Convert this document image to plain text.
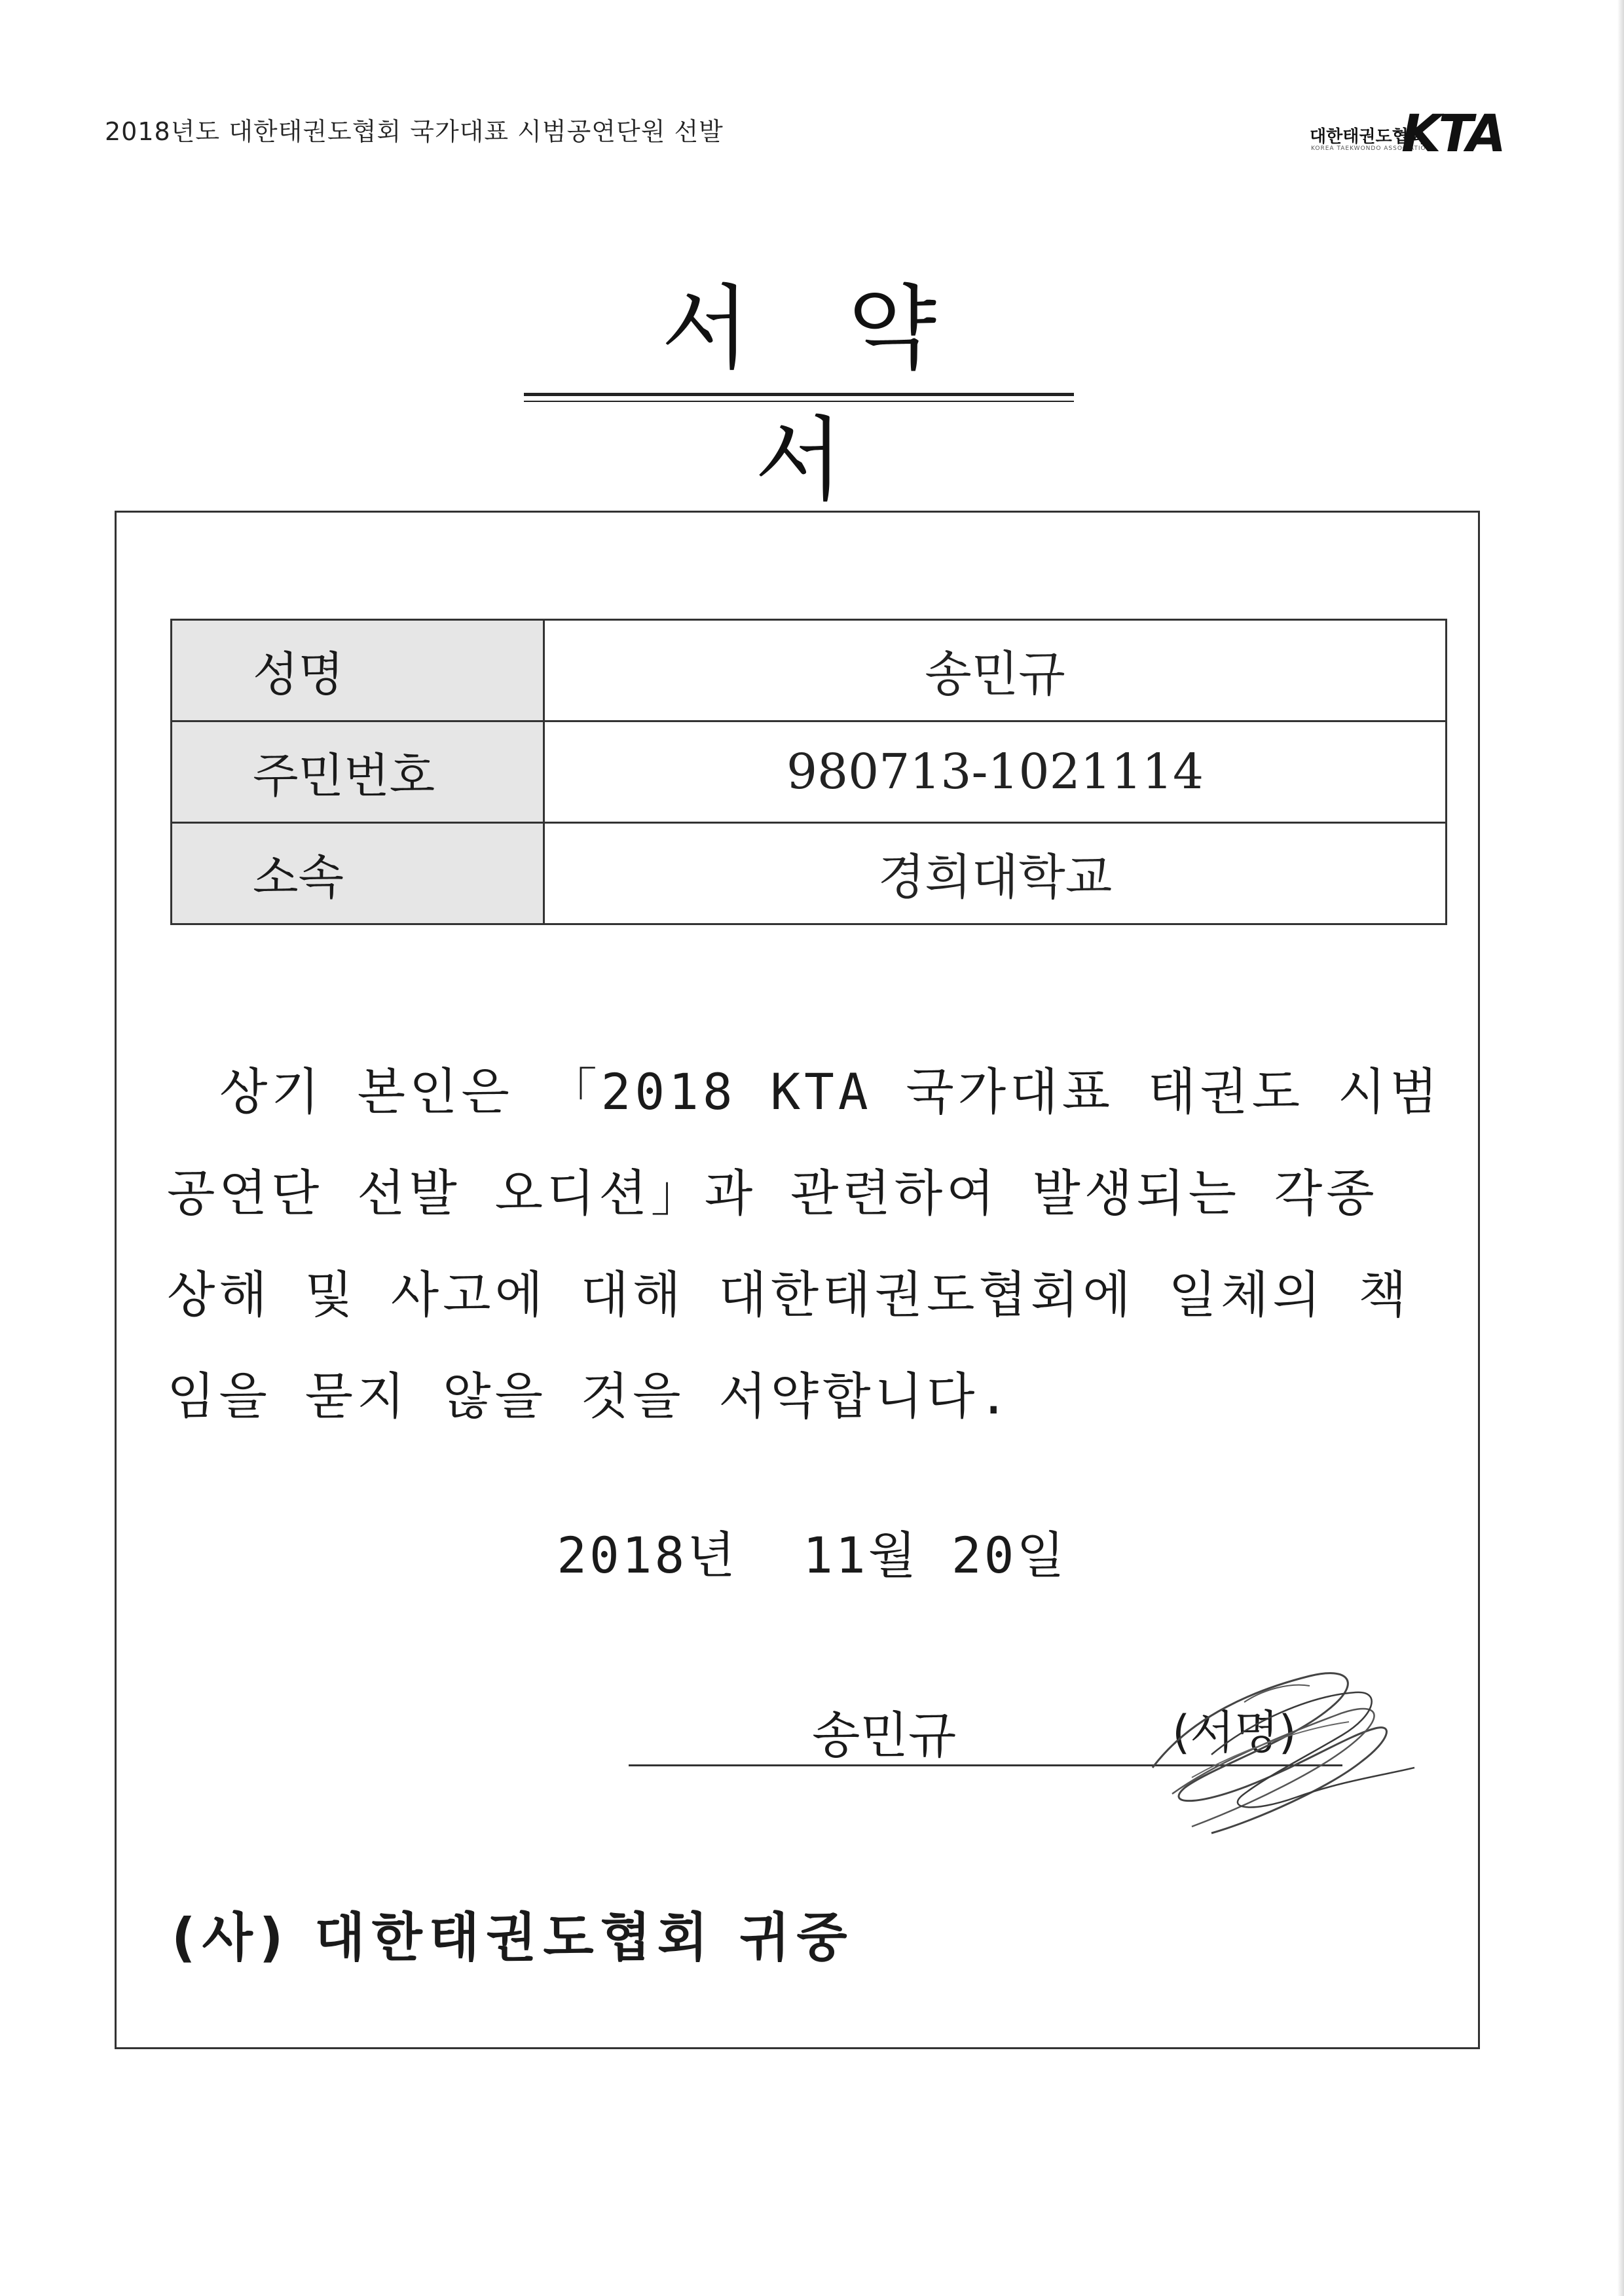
2018년도 대한태권도협회 국가대표 시범공연단원 선발	대한태권도협회
KOREA TAEKWONDO ASSOCIATION
KTA
서약서
성명	송민규
주민번호	980713-1021114
소속	경희대학교
상기 본인은 「2018 KTA 국가대표 태권도 시범
공연단 선발 오디션」과 관련하여 발생되는 각종
상해 및 사고에 대해 대한태권도협회에 일체의 책
임을 묻지 않을 것을 서약합니다.
2018년  11월 20일
송민규	(서명)
(사) 대한태권도협회 귀중
